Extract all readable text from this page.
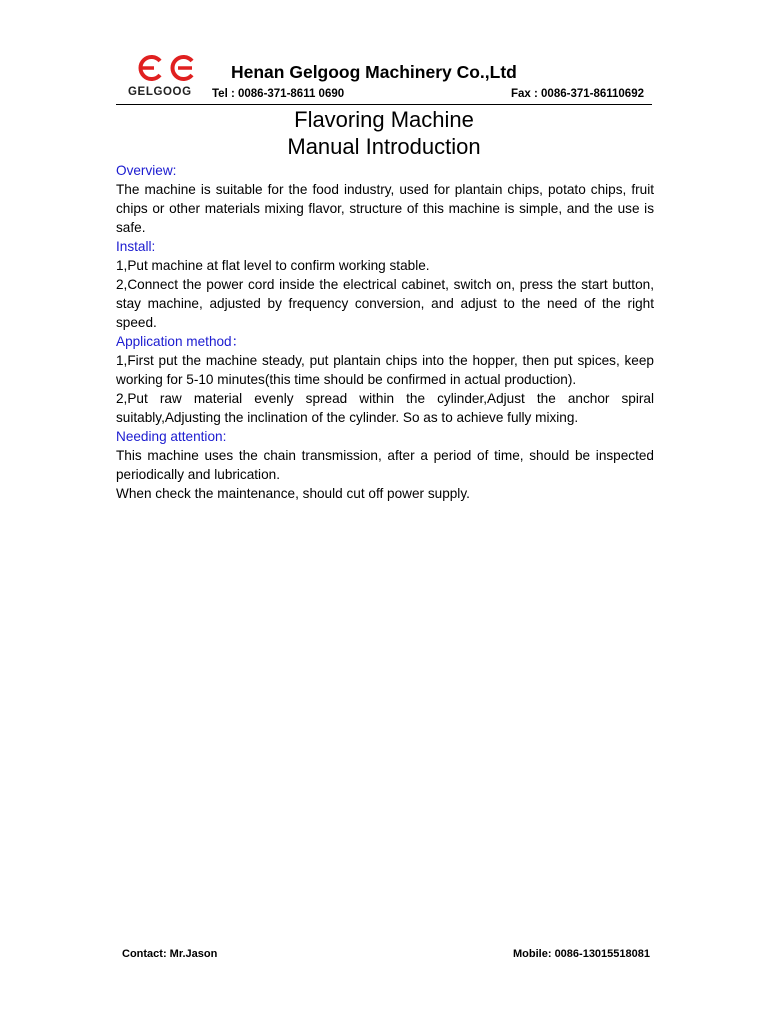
GELGOOG
Henan Gelgoog Machinery Co.,Ltd
Tel : 0086-371-8611 0690	Fax : 0086-371-86110692
Flavoring Machine
Manual Introduction

Overview:

The machine is suitable for the food industry, used for plantain chips, potato chips, fruit chips or other materials mixing flavor, structure of this machine is simple, and the use is safe.

Install:

1,Put machine at flat level to confirm working stable.

2,Connect the power cord inside the electrical cabinet, switch on, press the start button, stay machine, adjusted by frequency conversion, and adjust to the need of the right speed.

Application method：

1,First put the machine steady, put plantain chips into the hopper, then put spices, keep working for 5-10 minutes(this time should be confirmed in actual production).

2,Put raw material evenly spread within the cylinder,Adjust the anchor spiral suitably,Adjusting the inclination of the cylinder. So as to achieve fully mixing.

Needing attention:

This machine uses the chain transmission, after a period of time, should be inspected periodically and lubrication.

When check the maintenance, should cut off power supply.

Contact: Mr.Jason	Mobile: 0086-13015518081
